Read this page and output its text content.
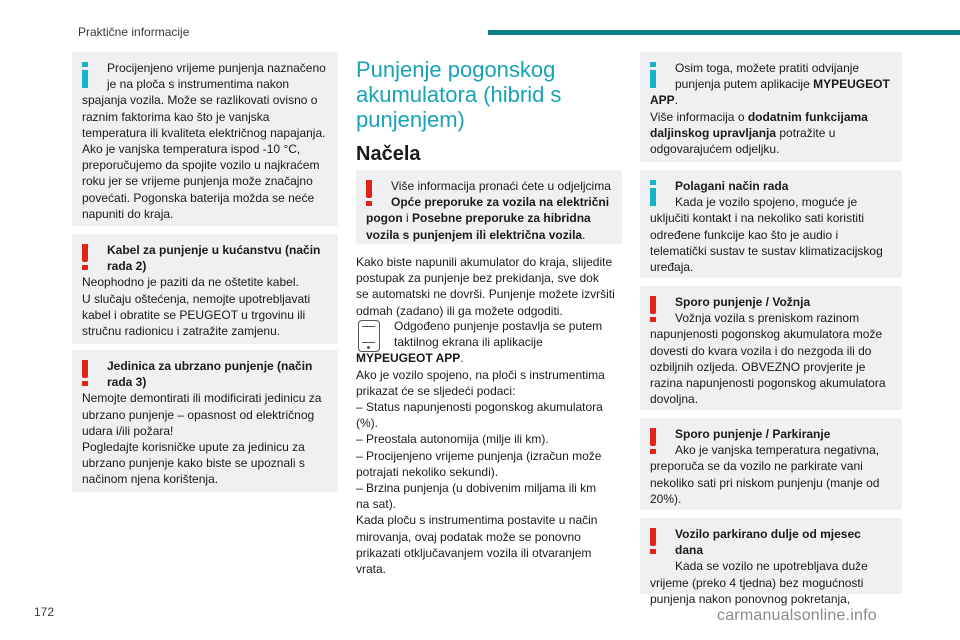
Praktične informacije
172	carmanualsonline.info

Procijenjeno vrijeme punjenja naznačeno

je na ploča s instrumentima nakon

spajanja vozila. Može se razlikovati ovisno o

raznim faktorima kao što je vanjska

temperatura ili kvaliteta električnog napajanja.

Ako je vanjska temperatura ispod -10 °C,

preporučujemo da spojite vozilo u najkraćem

roku jer se vrijeme punjenja može značajno

povećati. Pogonska baterija možda se neće

napuniti do kraja.

Kabel za punjenje u kućanstvu (način

rada 2)

Neophodno je paziti da ne oštetite kabel.

U slučaju oštećenja, nemojte upotrebljavati

kabel i obratite se PEUGEOT u trgovinu ili

stručnu radionicu i zatražite zamjenu.

Jedinica za ubrzano punjenje (način

rada 3)

Nemojte demontirati ili modificirati jedinicu za

ubrzano punjenje – opasnost od električnog

udara i/ili požara!

Pogledajte korisničke upute za jedinicu za

ubrzano punjenje kako biste se upoznali s

načinom njena korištenja.

Punjenje pogonskog
akumulatora (hibrid s
punjenjem)
Načela

Više informacija pronaći ćete u odjeljcima

Opće preporuke za vozila na električni

pogon i Posebne preporuke za hibridna

vozila s punjenjem ili električna vozila.

Kako biste napunili akumulator do kraja, slijedite

postupak za punjenje bez prekidanja, sve dok

se automatski ne dovrši. Punjenje možete izvršiti

odmah (zadano) ili ga možete odgoditi.

Odgođeno punjenje postavlja se putem

taktilnog ekrana ili aplikacije

MYPEUGEOT APP.

Ako je vozilo spojeno, na ploči s instrumentima

prikazat će se sljedeći podaci:

– Status napunjenosti pogonskog akumulatora

(%).

– Preostala autonomija (milje ili km).

– Procijenjeno vrijeme punjenja (izračun može

potrajati nekoliko sekundi).

– Brzina punjenja (u dobivenim miljama ili km

na sat).

Kada ploču s instrumentima postavite u način

mirovanja, ovaj podatak može se ponovno

prikazati otključavanjem vozila ili otvaranjem

vrata.

Osim toga, možete pratiti odvijanje

punjenja putem aplikacije MYPEUGEOT

APP.

Više informacija o dodatnim funkcijama

daljinskog upravljanja potražite u

odgovarajućem odjeljku.

Polagani način rada

Kada je vozilo spojeno, moguće je

uključiti kontakt i na nekoliko sati koristiti

određene funkcije kao što je audio i

telematički sustav te sustav klimatizacijskog

uređaja.

Sporo punjenje / Vožnja

Vožnja vozila s preniskom razinom

napunjenosti pogonskog akumulatora može

dovesti do kvara vozila i do nezgoda ili do

ozbiljnih ozljeda. OBVEZNO provjerite je

razina napunjenosti pogonskog akumulatora

dovoljna.

Sporo punjenje / Parkiranje

Ako je vanjska temperatura negativna,

preporuča se da vozilo ne parkirate vani

nekoliko sati pri niskom punjenju (manje od

20%).

Vozilo parkirano dulje od mjesec dana

Kada se vozilo ne upotrebljava duže

vrijeme (preko 4 tjedna) bez mogućnosti

punjenja nakon ponovnog pokretanja,
